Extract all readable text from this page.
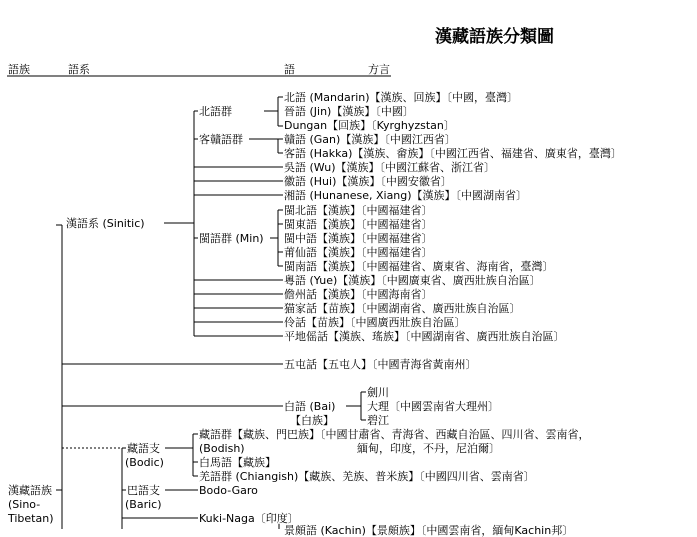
漢藏語族分類圖
語族	語系	語	方言
漢藏語族
(Sino-
Tibetan)
漢語系 (Sinitic)
北語群
客贛語群
閩語群 (Min)
北語 (Mandarin)【漢族、回族】〔中國，臺灣〕
晉語 (Jin)【漢族】〔中國〕
Dungan【回族】〔Kyrghyzstan〕
贛語 (Gan)【漢族】〔中國江西省〕
客語 (Hakka)【漢族、畲族】〔中國江西省、福建省、廣東省，臺灣〕
吳語 (Wu)【漢族】〔中國江蘇省、浙江省〕
徽語 (Hui)【漢族】〔中國安徽省〕
湘語 (Hunanese, Xiang)【漢族】〔中國湖南省〕
閩北語【漢族】〔中國福建省〕
閩東語【漢族】〔中國福建省〕
閩中語【漢族】〔中國福建省〕
莆仙語【漢族】〔中國福建省〕
閩南語【漢族】〔中國福建省、廣東省、海南省，臺灣〕
粵語 (Yue)【漢族】〔中國廣東省、廣西壯族自治區〕
儋州話【漢族】〔中國海南省〕
猫家話【苗族】〔中國湖南省、廣西壯族自治區〕
伶話【苗族】〔中國廣西壯族自治區〕
平地傜話【漢族、瑤族】〔中國湖南省、廣西壯族自治區〕
五屯話【五屯人】〔中國青海省黃南州〕
白語 (Bai)
【白族】
劍川
大理〔中國雲南省大理州〕
碧江
藏語支
(Bodic)
藏語群【藏族、門巴族】〔中國甘肅省、青海省、西藏自治區、四川省、雲南省，
(Bodish)	緬甸，印度，不丹，尼泊爾〕
白馬語【藏族】
羌語群 (Chiangish)【藏族、羌族、普米族】〔中國四川省、雲南省〕
巴語支
(Baric)
Bodo-Garo
Kuki-Naga〔印度〕
景頗語 (Kachin)【景頗族】〔中國雲南省，緬甸Kachin邦〕
